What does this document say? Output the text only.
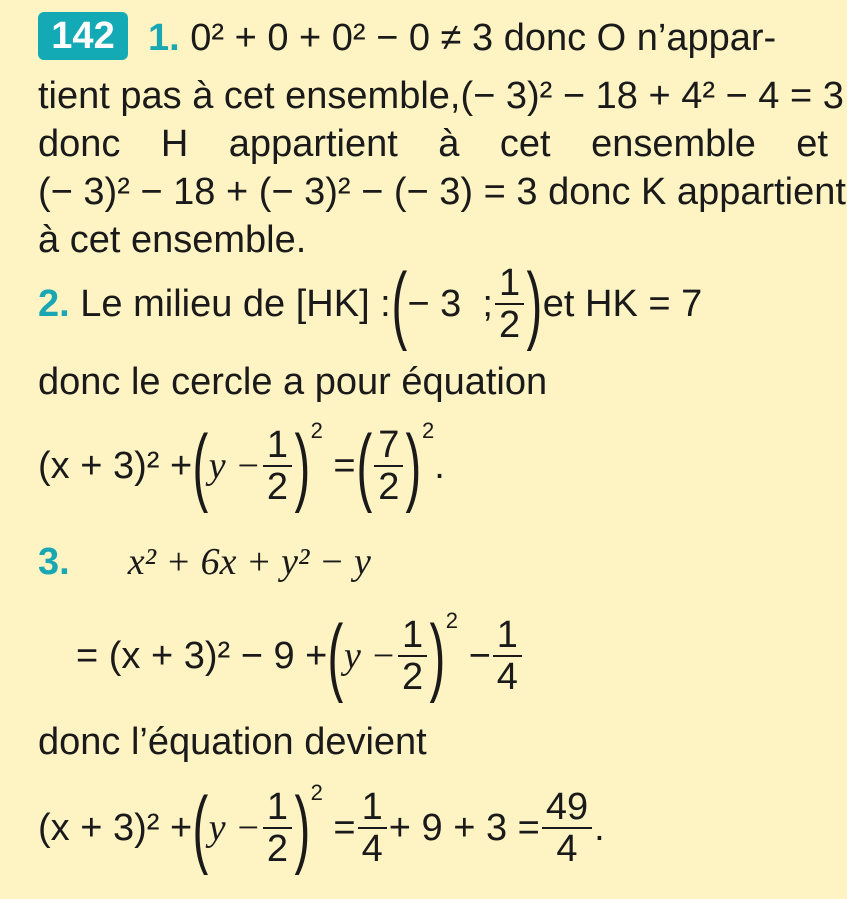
142 1. 0² + 0 + 0² − 0 ≠ 3 donc O n’appar-
tient pas à cet ensemble,(− 3)² − 18 + 4² − 4 = 3
donc H appartient à cet ensemble et
(− 3)² − 18 + (− 3)² − (− 3) = 3 donc K appartient
à cet ensemble.
2.
Le milieu de [HK] : ( − 3
; $\frac{1}{2}$ ) et HK = 7
donc le cercle a pour équation
(x + 3)² + ( $y - \frac{1}{2}$ ) 2

= ( $\frac{7}{2}$ ) 2
.
3. x² + 6x + y² − y
= (x + 3)² − 9 + ( $y - \frac{1}{2}$ ) 2

− $\frac{1}{4}$
donc l’équation devient
(x + 3)² + ( $y - \frac{1}{2}$ ) 2

= $\frac{1}{4} + 9 + 3 = \frac{49}{4}$ .
